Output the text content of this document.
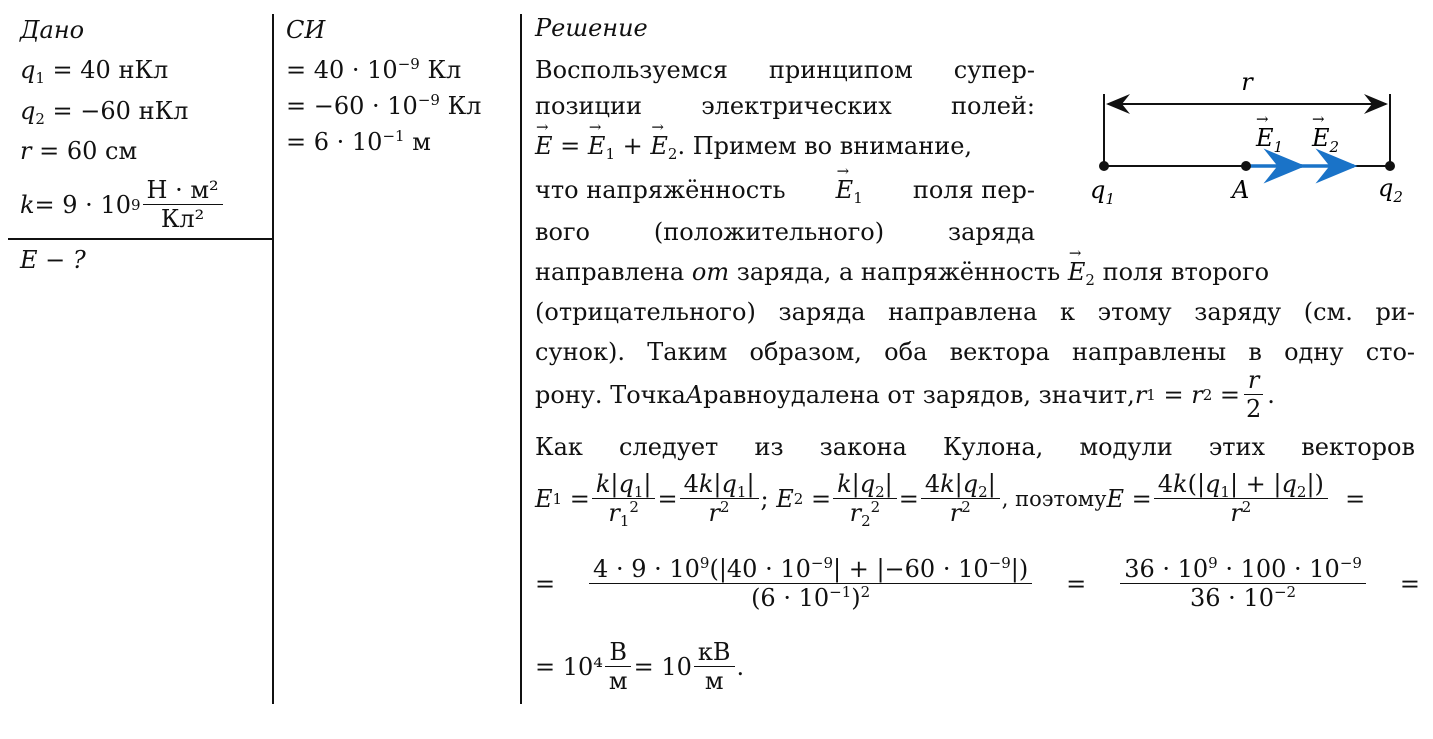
Дано
$q_1 = 40$ нКл
$q_2 = -60$ нКл
r = 60 см
k = 9 · 10 $9 \frac{\text{Н · м²}}{\text{Кл²}}$
E − ?
СИ
= $40 \cdot 10^{-9}$ Кл
= $-60 \cdot 10^{-9}$ Кл
= $6 \cdot 10^{-1}$ м
Решение
Воспользуемся принципом супер-
позиции электрических полей:
→ E = → $E_1$ + → $E_2$. Примем во внимание,
что напряжённость
→ $E_1$ поля пер-
вого (положительного) заряда
направлена от заряда, а напряжённость → $E_2$ поля второго
(отрицательного) заряда направлена к этому заряду (см. ри-
сунок). Таким образом, оба вектора направлены в одну сто-
рону. Точка A равноудалена от зарядов, значит, r 1 = r $2 = \frac{r}{2}$ .
Как следует из закона Кулона, модули этих векторов
E $1 = \frac{k|q_1|}{r_1^2} = \frac{4k|q_1|}{r^2}$ ; E $2 = \frac{k|q_2|}{r_2^2} = \frac{4k|q_2|}{r^2}$ , поэтому $E = \frac{4k(|q_1| + |q_2|)}{r^2}$ =
= $\frac{4 \cdot 9 \cdot 10^9(|40 \cdot 10^{-9}| + |-60 \cdot 10^{-9}|)}{(6 \cdot 10^{-1})^2} = \frac{36 \cdot 10^9 \cdot 100 \cdot 10^{-9}}{36 \cdot 10^{-2}}$ =
= $10^4 \frac{В}{м} = 10 \frac{кВ}{м}$ .
r
$q_1$	A	$q_2$
$E_1$
→
$E_2$
→
